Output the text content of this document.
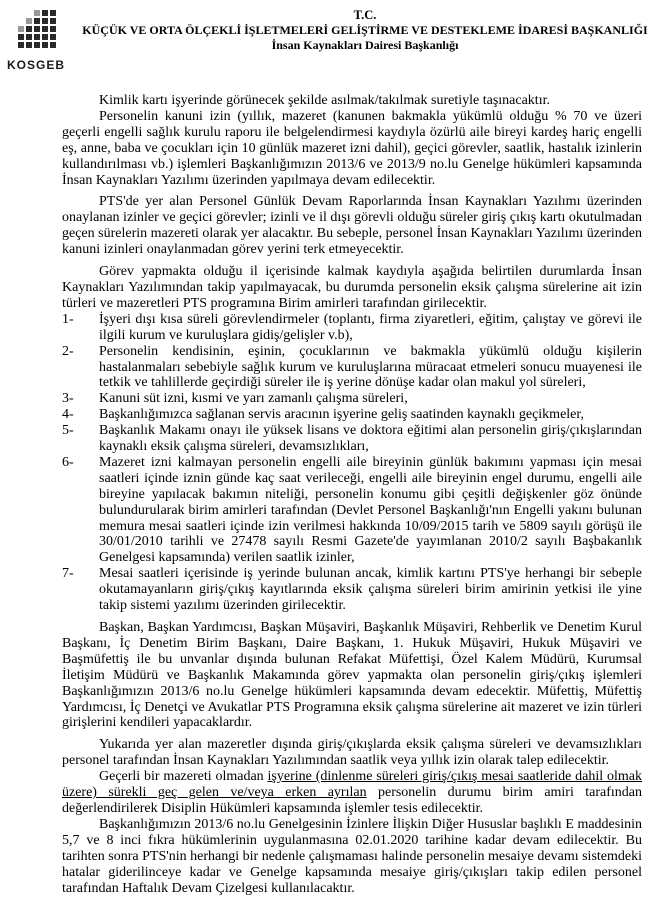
KOSGEB
T.C.
KÜÇÜK VE ORTA ÖLÇEKLİ İŞLETMELERİ GELİŞTİRME VE DESTEKLEME İDARESİ BAŞKANLIĞI
İnsan Kaynakları Dairesi Başkanlığı

Kimlik kartı işyerinde görünecek şekilde asılmak/takılmak suretiyle taşınacaktır.

Personelin kanuni izin (yıllık, mazeret (kanunen bakmakla yükümlü olduğu % 70 ve üzeri geçerli engelli sağlık kurulu raporu ile belgelendirmesi kaydıyla özürlü aile bireyi kardeş hariç engelli eş, anne, baba ve çocukları için 10 günlük mazeret izni dahil), geçici görevler, saatlik, hastalık izinlerin kullandırılması vb.) işlemleri Başkanlığımızın 2013/6 ve 2013/9 no.lu Genelge hükümleri kapsamında İnsan Kaynakları Yazılımı üzerinden yapılmaya devam edilecektir.

PTS'de yer alan Personel Günlük Devam Raporlarında İnsan Kaynakları Yazılımı üzerinden onaylanan izinler ve geçici görevler; izinli ve il dışı görevli olduğu süreler giriş çıkış kartı okutulmadan geçen sürelerin mazereti olarak yer alacaktır. Bu sebeple, personel İnsan Kaynakları Yazılımı üzerinden kanuni izinleri onaylanmadan görev yerini terk etmeyecektir.

Görev yapmakta olduğu il içerisinde kalmak kaydıyla aşağıda belirtilen durumlarda İnsan Kaynakları Yazılımından takip yapılmayacak, bu durumda personelin eksik çalışma sürelerine ait izin türleri ve mazeretleri PTS programına Birim amirleri tarafından girilecektir.

1-	İşyeri dışı kısa süreli görevlendirmeler (toplantı, firma ziyaretleri, eğitim, çalıştay ve görevi ile ilgili kurum ve kuruluşlara gidiş/gelişler v.b),
2-	Personelin kendisinin, eşinin, çocuklarının ve bakmakla yükümlü olduğu kişilerin hastalanmaları sebebiyle sağlık kurum ve kuruluşlarına müracaat etmeleri sonucu muayenesi ile tetkik ve tahlillerde geçirdiği süreler ile iş yerine dönüşe kadar olan makul yol süreleri,
3-	Kanuni süt izni, kısmi ve yarı zamanlı çalışma süreleri,
4-	Başkanlığımızca sağlanan servis aracının işyerine geliş saatinden kaynaklı geçikmeler,
5-	Başkanlık Makamı onayı ile yüksek lisans ve doktora eğitimi alan personelin giriş/çıkışlarından kaynaklı eksik çalışma süreleri, devamsızlıkları,
6-	Mazeret izni kalmayan personelin engelli aile bireyinin günlük bakımını yapması için mesai saatleri içinde iznin günde kaç saat verileceği, engelli aile bireyinin engel durumu, engelli aile bireyine yapılacak bakımın niteliği, personelin konumu gibi çeşitli değişkenler göz önünde bulundurularak birim amirleri tarafından (Devlet Personel Başkanlığı'nın Engelli yakını bulunan memura mesai saatleri içinde izin verilmesi hakkında 10/09/2015 tarih ve 5809 sayılı görüşü ile 30/01/2010 tarihli ve 27478 sayılı Resmi Gazete'de yayımlanan 2010/2 sayılı Başbakanlık Genelgesi kapsamında) verilen saatlik izinler,
7-	Mesai saatleri içerisinde iş yerinde bulunan ancak, kimlik kartını PTS'ye herhangi bir sebeple okutamayanların giriş/çıkış kayıtlarında eksik çalışma süreleri birim amirinin yetkisi ile yine takip sistemi yazılımı üzerinden girilecektir.

Başkan, Başkan Yardımcısı, Başkan Müşaviri, Başkanlık Müşaviri, Rehberlik ve Denetim Kurul Başkanı, İç Denetim Birim Başkanı, Daire Başkanı, 1. Hukuk Müşaviri, Hukuk Müşaviri ve Başmüfettiş ile bu unvanlar dışında bulunan Refakat Müfettişi, Özel Kalem Müdürü, Kurumsal İletişim Müdürü ve Başkanlık Makamında görev yapmakta olan personelin giriş/çıkış işlemleri Başkanlığımızın 2013/6 no.lu Genelge hükümleri kapsamında devam edecektir. Müfettiş, Müfettiş Yardımcısı, İç Denetçi ve Avukatlar PTS Programına eksik çalışma sürelerine ait mazeret ve izin türleri girişlerini kendileri yapacaklardır.

Yukarıda yer alan mazeretler dışında giriş/çıkışlarda eksik çalışma süreleri ve devamsızlıkları personel tarafından İnsan Kaynakları Yazılımından saatlik veya yıllık izin olarak talep edilecektir.

Geçerli bir mazereti olmadan işyerine (dinlenme süreleri giriş/çıkış mesai saatleride dahil olmak üzere) sürekli geç gelen ve/veya erken ayrılan personelin durumu birim amiri tarafından değerlendirilerek Disiplin Hükümleri kapsamında işlemler tesis edilecektir.

Başkanlığımızın 2013/6 no.lu Genelgesinin İzinlere İlişkin Diğer Hususlar başlıklı E maddesinin 5,7 ve 8 inci fıkra hükümlerinin uygulanmasına 02.01.2020 tarihine kadar devam edilecektir. Bu tarihten sonra PTS'nin herhangi bir nedenle çalışmaması halinde personelin mesaiye devamı sistemdeki hatalar giderilinceye kadar ve Genelge kapsamında mesaiye giriş/çıkışları takip edilen personel tarafından Haftalık Devam Çizelgesi kullanılacaktır.
